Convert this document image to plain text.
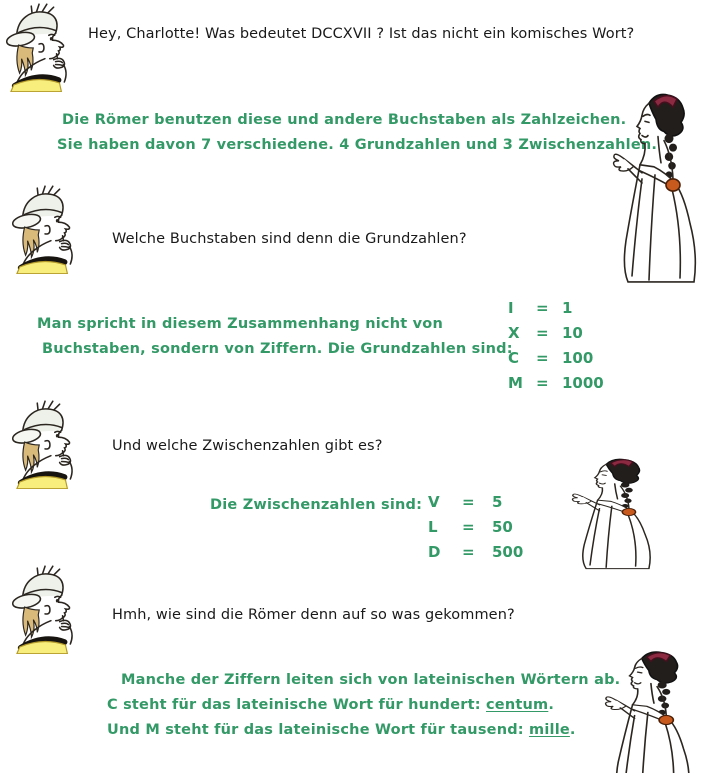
Hey, Charlotte! Was bedeutet DCCXVII ? Ist das nicht ein komisches Wort?
Die Römer benutzen diese und andere Buchstaben als Zahlzeichen.
Sie haben davon 7 verschiedene. 4 Grundzahlen und 3 Zwischenzahlen.
Welche Buchstaben sind denn die Grundzahlen?
Man spricht in diesem Zusammenhang nicht von
Buchstaben, sondern von Ziffern. Die Grundzahlen sind:
I = 1
X = 10
C = 100
M = 1000
Und welche Zwischenzahlen gibt es?
Die Zwischenzahlen sind: V = 5
L = 50
D = 500
Hmh, wie sind die Römer denn auf so was gekommen?
Manche der Ziffern leiten sich von lateinischen Wörtern ab.
C steht für das lateinische Wort für hundert: centum.
Und M steht für das lateinische Wort für tausend: mille.
